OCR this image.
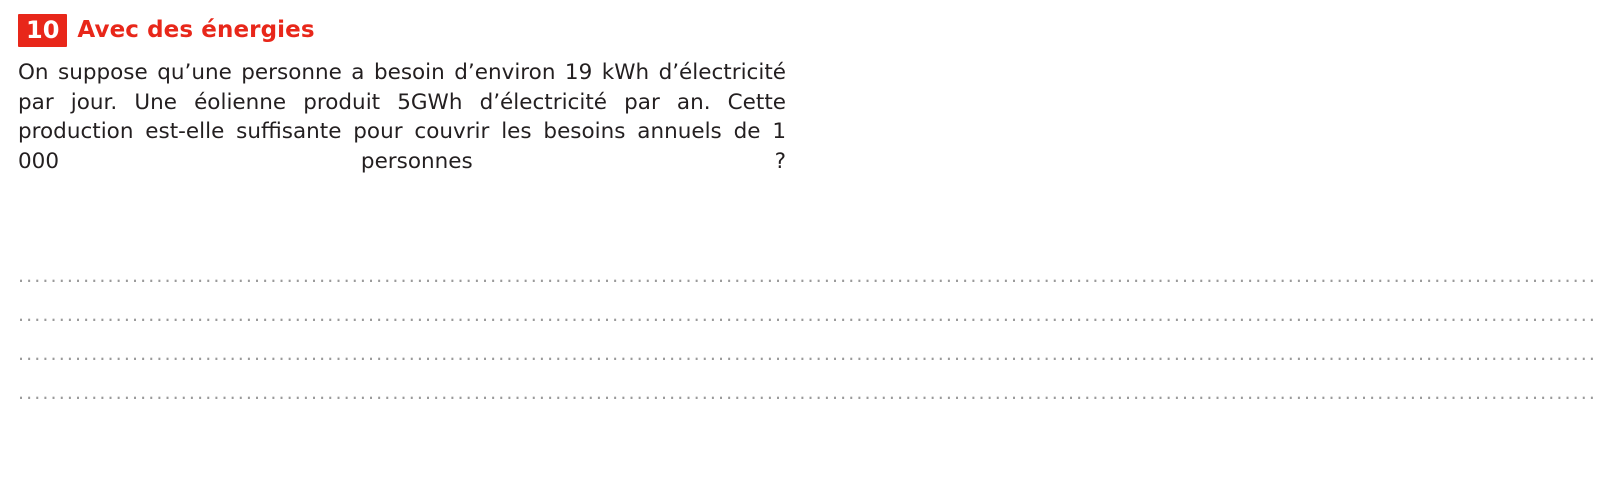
10 Avec des énergies

On suppose qu’une personne a besoin d’environ 19 kWh d’électricité par jour. Une éolienne produit 5GWh d’électricité par an. Cette production est-elle suffisante pour couvrir les besoins annuels de 1 000 personnes ?

..................................................................................................................................................................................................
..................................................................................................................................................................................................
..................................................................................................................................................................................................
..................................................................................................................................................................................................
